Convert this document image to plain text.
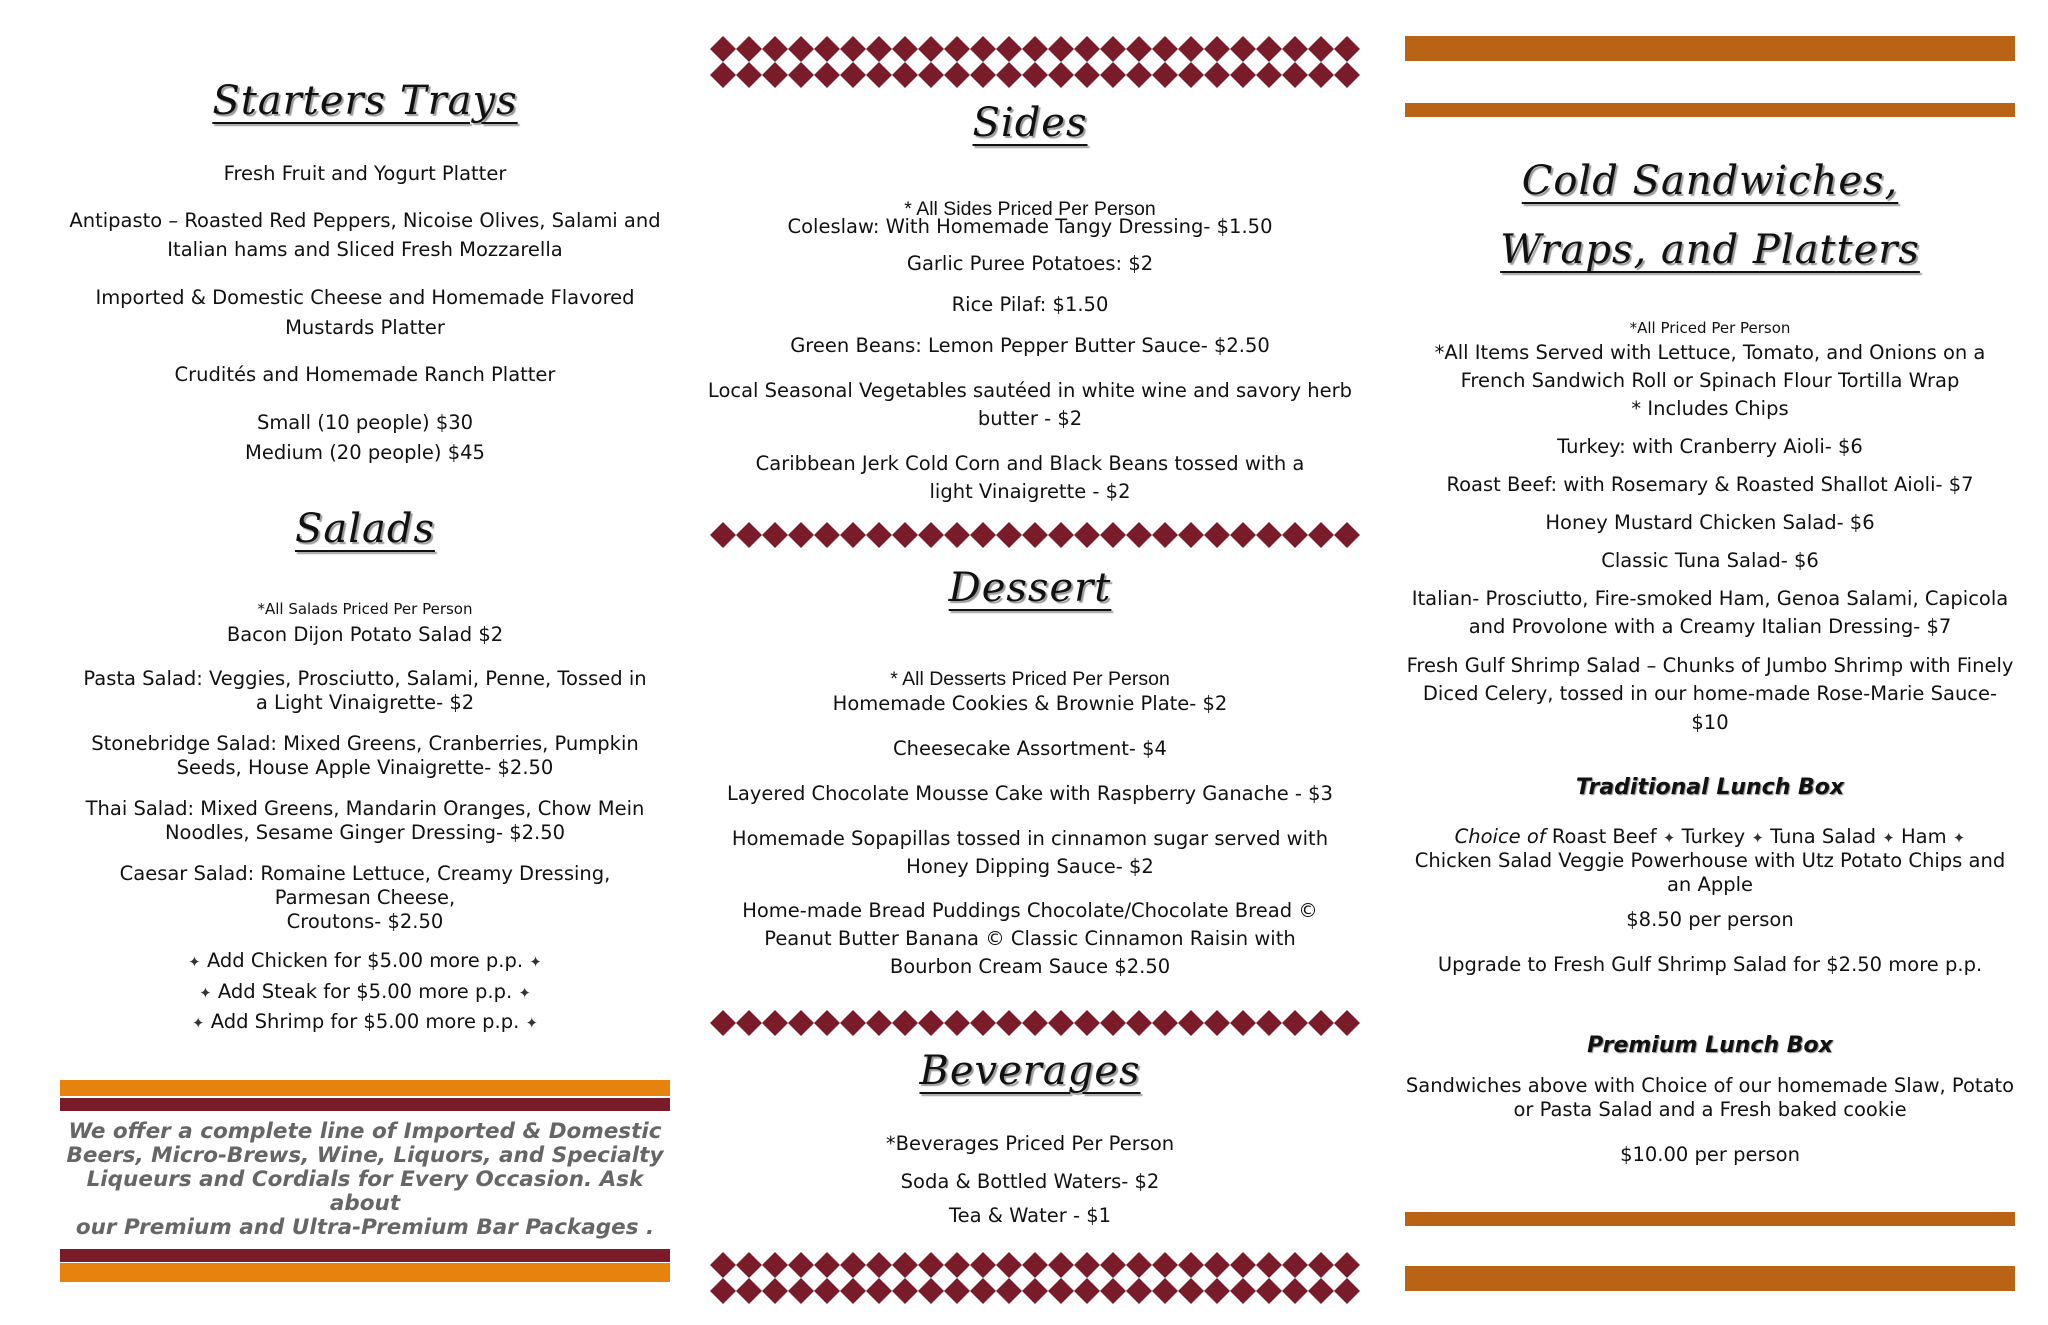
Starters Trays

Fresh Fruit and Yogurt Platter

Antipasto – Roasted Red Peppers, Nicoise Olives, Salami and

Italian hams and Sliced Fresh Mozzarella

Imported & Domestic Cheese and Homemade Flavored

Mustards Platter

Crudités and Homemade Ranch Platter

Small (10 people) $30

Medium (20 people) $45

Salads

*All Salads Priced Per Person

Bacon Dijon Potato Salad $2

Pasta Salad: Veggies, Prosciutto, Salami, Penne, Tossed in

a Light Vinaigrette- $2

Stonebridge Salad: Mixed Greens, Cranberries, Pumpkin

Seeds, House Apple Vinaigrette- $2.50

Thai Salad: Mixed Greens, Mandarin Oranges, Chow Mein

Noodles, Sesame Ginger Dressing- $2.50

Caesar Salad: Romaine Lettuce, Creamy Dressing,

Parmesan Cheese,

Croutons- $2.50

✦ Add Chicken for $5.00 more p.p. ✦

✦ Add Steak for $5.00 more p.p. ✦

✦ Add Shrimp for $5.00 more p.p. ✦

We offer a complete line of Imported & Domestic
Beers, Micro-Brews, Wine, Liquors, and Specialty
Liqueurs and Cordials for Every Occasion. Ask about
our Premium and Ultra-Premium Bar Packages .
Sides

* All Sides Priced Per Person

Coleslaw: With Homemade Tangy Dressing- $1.50

Garlic Puree Potatoes: $2

Rice Pilaf: $1.50

Green Beans: Lemon Pepper Butter Sauce- $2.50

Local Seasonal Vegetables sautéed in white wine and savory herb

butter - $2

Caribbean Jerk Cold Corn and Black Beans tossed with a

light Vinaigrette - $2

Dessert

* All Desserts Priced Per Person

Homemade Cookies & Brownie Plate- $2

Cheesecake Assortment- $4

Layered Chocolate Mousse Cake with Raspberry Ganache - $3

Homemade Sopapillas tossed in cinnamon sugar served with

Honey Dipping Sauce- $2

Home-made Bread Puddings Chocolate/Chocolate Bread ©

Peanut Butter Banana © Classic Cinnamon Raisin with

Bourbon Cream Sauce $2.50

Beverages

*Beverages Priced Per Person

Soda & Bottled Waters- $2

Tea & Water - $1

Cold Sandwiches,
Wraps, and Platters

*All Priced Per Person

*All Items Served with Lettuce, Tomato, and Onions on a

French Sandwich Roll or Spinach Flour Tortilla Wrap

* Includes Chips

Turkey: with Cranberry Aioli- $6

Roast Beef: with Rosemary & Roasted Shallot Aioli- $7

Honey Mustard Chicken Salad- $6

Classic Tuna Salad- $6

Italian- Prosciutto, Fire-smoked Ham, Genoa Salami, Capicola

and Provolone with a Creamy Italian Dressing- $7

Fresh Gulf Shrimp Salad – Chunks of Jumbo Shrimp with Finely

Diced Celery, tossed in our home-made Rose-Marie Sauce- $10

Traditional Lunch Box

Choice of Roast Beef ✦ Turkey ✦ Tuna Salad ✦ Ham ✦

Chicken Salad Veggie Powerhouse with Utz Potato Chips and

an Apple

$8.50 per person

Upgrade to Fresh Gulf Shrimp Salad for $2.50 more p.p.

Premium Lunch Box

Sandwiches above with Choice of our homemade Slaw, Potato

or Pasta Salad and a Fresh baked cookie

$10.00 per person
